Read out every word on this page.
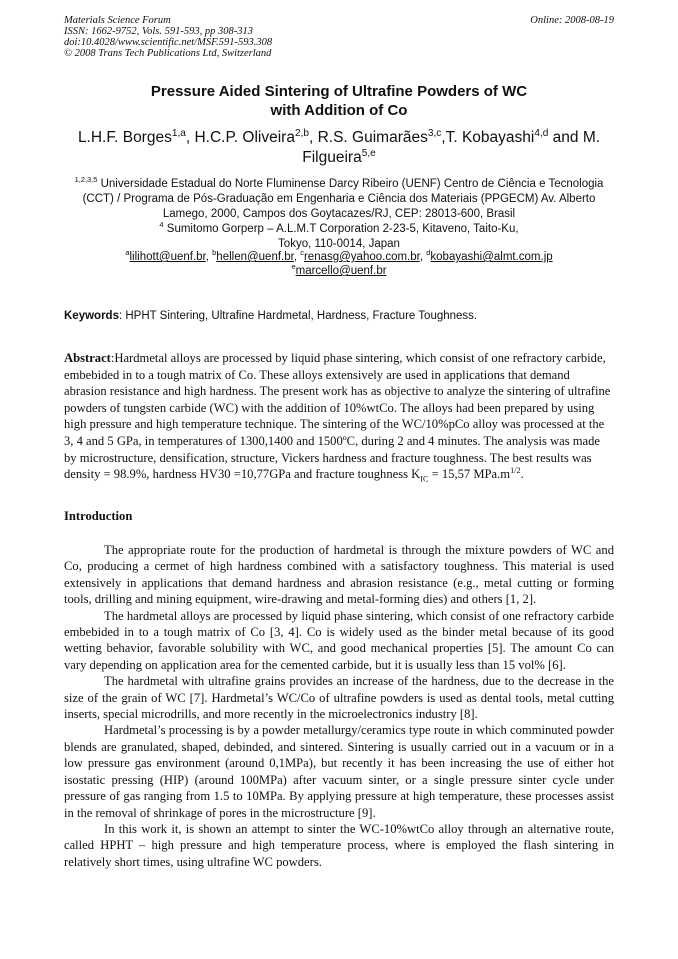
Materials Science Forum
ISSN: 1662-9752, Vols. 591-593, pp 308-313
doi:10.4028/www.scientific.net/MSF.591-593.308
© 2008 Trans Tech Publications Ltd, Switzerland
Online: 2008-08-19
Pressure Aided Sintering of Ultrafine Powders of WC
with Addition of Co
L.H.F. Borges$^{1,a}$, H.C.P. Oliveira$^{2,b}$, R.S. Guimarães$^{3,c}$,T. Kobayashi$^{4,d}$ and M. Filgueira$^{5,e}$
$^{1,2,3,5}$ Universidade Estadual do Norte Fluminense Darcy Ribeiro (UENF) Centro de Ciência e Tecnologia (CCT) / Programa de Pós-Graduação em Engenharia e Ciência dos Materiais (PPGECM) Av. Alberto Lamego, 2000, Campos dos Goytacazes/RJ, CEP: 28013-600, Brasil
$^4$ Sumitomo Gorperp – A.L.M.T Corporation 2-23-5, Kitaveno, Taito-Ku,
Tokyo, 110-0014, Japan
$^a$lilihott@uenf.br, $^b$hellen@uenf.br, $^c$renasg@yahoo.com.br, $^d$kobayashi@almt.com.jp
$^e$marcello@uenf.br
Keywords: HPHT Sintering, Ultrafine Hardmetal, Hardness, Fracture Toughness.
Abstract:Hardmetal alloys are processed by liquid phase sintering, which consist of one refractory carbide, embebided in to a tough matrix of Co. These alloys extensively are used in applications that demand abrasion resistance and high hardness. The present work has as objective to analyze the sintering of ultrafine powders of tungsten carbide (WC) with the addition of 10%wtCo. The alloys had been prepared by using high pressure and high temperature technique. The sintering of the WC/10%pCo alloy was processed at the 3, 4 and 5 GPa, in temperatures of 1300,1400 and 1500ºC, during 2 and 4 minutes. The analysis was made by microstructure, densification, structure, Vickers hardness and fracture toughness. The best results was density = 98.9%, hardness HV30 =10,77GPa and fracture toughness $K_{IC} = 15,57$ $MPa.m^{1/2}$.
Introduction

The appropriate route for the production of hardmetal is through the mixture powders of WC and Co, producing a cermet of high hardness combined with a satisfactory toughness. This material is used extensively in applications that demand hardness and abrasion resistance (e.g., metal cutting or forming tools, drilling and mining equipment, wire-drawing and metal-forming dies) and others [1, 2].

The hardmetal alloys are processed by liquid phase sintering, which consist of one refractory carbide embebided in to a tough matrix of Co [3, 4]. Co is widely used as the binder metal because of its good wetting behavior, favorable solubility with WC, and good mechanical properties [5]. The amount Co can vary depending on application area for the cemented carbide, but it is usually less than 15 vol% [6].

The hardmetal with ultrafine grains provides an increase of the hardness, due to the decrease in the size of the grain of WC [7]. Hardmetal’s WC/Co of ultrafine powders is used as dental tools, metal cutting inserts, special microdrills, and more recently in the microelectronics industry [8].

Hardmetal’s processing is by a powder metallurgy/ceramics type route in which comminuted powder blends are granulated, shaped, debinded, and sintered. Sintering is usually carried out in a vacuum or in a low pressure gas environment (around 0,1MPa), but recently it has been increasing the use of either hot isostatic pressing (HIP) (around 100MPa) after vacuum sinter, or a single pressure sinter cycle under pressure of gas ranging from 1.5 to 10MPa. By applying pressure at high temperature, these processes assist in the removal of shrinkage of pores in the microstructure [9].

In this work it, is shown an attempt to sinter the WC-10%wtCo alloy through an alternative route, called HPHT – high pressure and high temperature process, where is employed the flash sintering in relatively short times, using ultrafine WC powders.
